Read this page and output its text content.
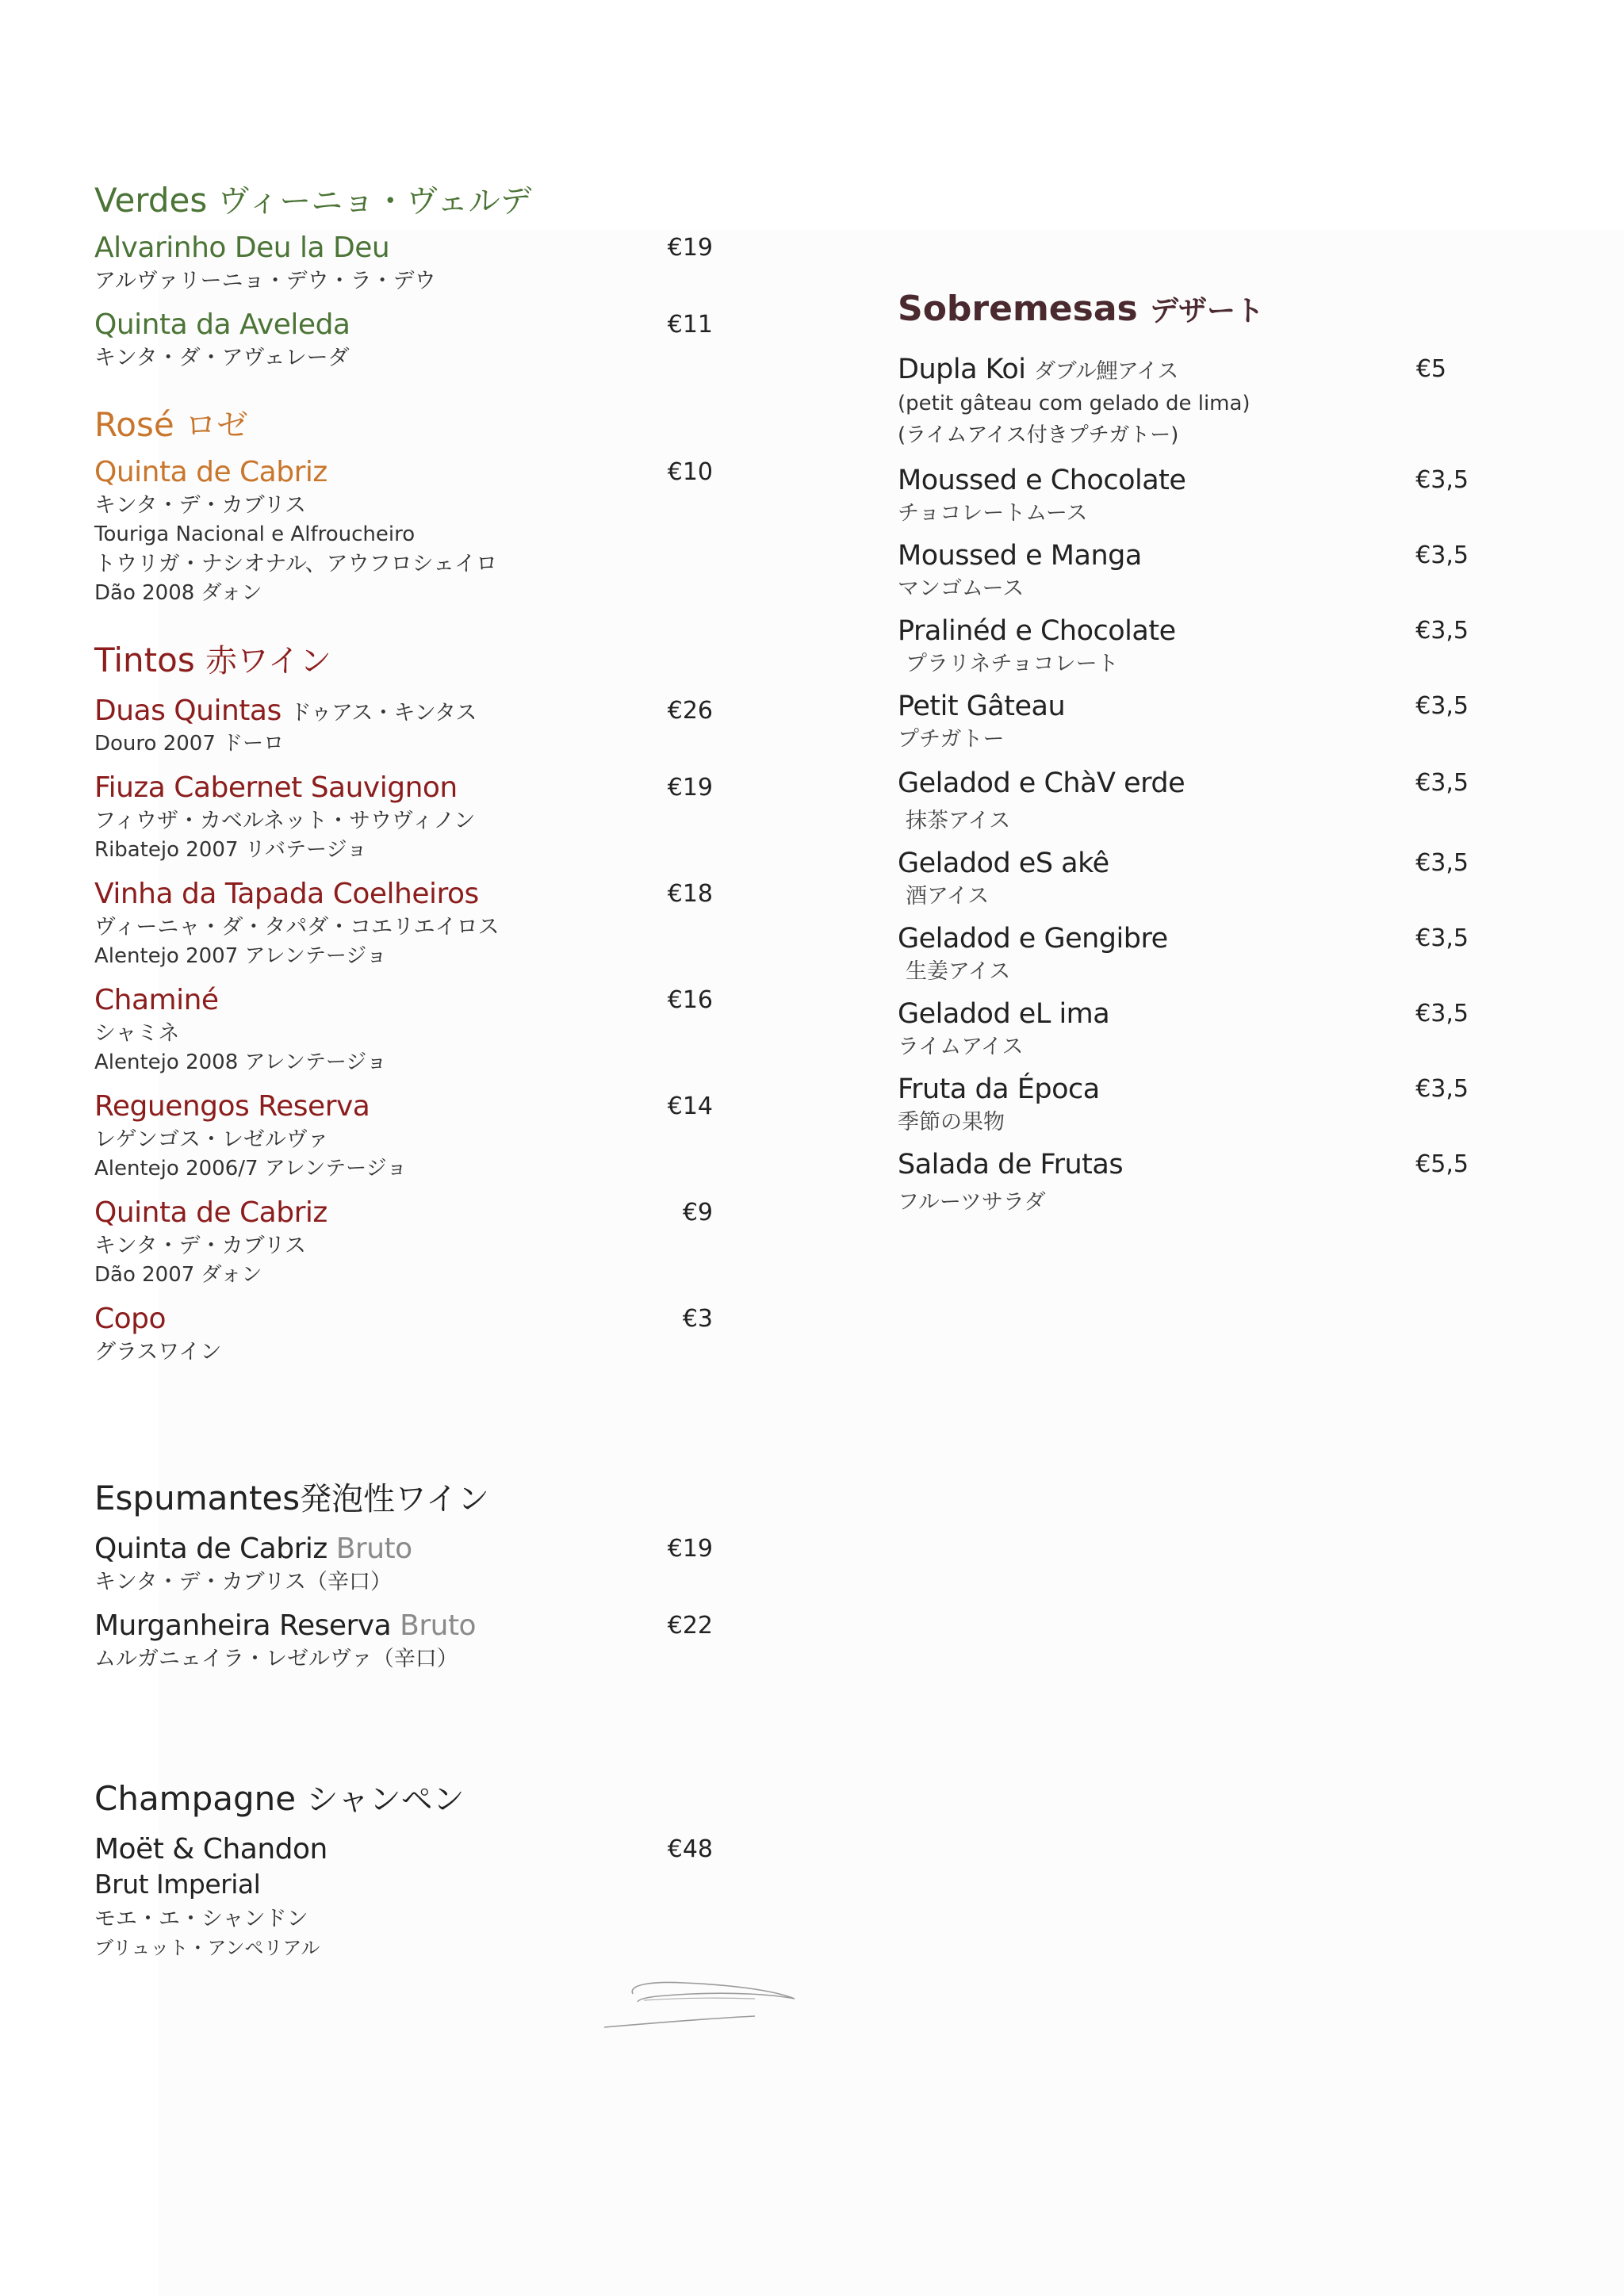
Verdes ヴィーニョ・ヴェルデ
Alvarinho Deu la Deu	€19
アルヴァリーニョ・デウ・ラ・デウ
Quinta da Aveleda	€11
キンタ・ダ・アヴェレーダ
Rosé ロゼ
Quinta de Cabriz	€10
キンタ・デ・カブリス
Touriga Nacional e Alfroucheiro
トウリガ・ナシオナル、アウフロシェイロ
Dão 2008 ダォン
Tintos 赤ワイン
Duas Quintas ドゥアス・キンタス	€26
Douro 2007 ドーロ
Fiuza Cabernet Sauvignon	€19
フィウザ・カベルネット・サウヴィノン
Ribatejo 2007 リバテージョ
Vinha da Tapada Coelheiros	€18
ヴィーニャ・ダ・タパダ・コエリエイロス
Alentejo 2007 アレンテージョ
Chaminé	€16
シャミネ
Alentejo 2008 アレンテージョ
Reguengos Reserva	€14
レゲンゴス・レゼルヴァ
Alentejo 2006/7 アレンテージョ
Quinta de Cabriz	€9
キンタ・デ・カブリス
Dão 2007 ダォン
Copo	€3
グラスワイン
Espumantes発泡性ワイン
Quinta de Cabriz Bruto	€19
キンタ・デ・カブリス（辛口）
Murganheira Reserva Bruto	€22
ムルガニェイラ・レゼルヴァ（辛口）
Champagne シャンペン
Moët & Chandon	€48
Brut Imperial
モエ・エ・シャンドン
ブリュット・アンペリアル
Sobremesas デザート
Dupla Koi ダブル鯉アイス	€5
(petit gâteau com gelado de lima)
(ライムアイス付きプチガトー)
Moussed e Chocolate	€3,5
チョコレートムース
Moussed e Manga	€3,5
マンゴムース
Pralinéd e Chocolate	€3,5
プラリネチョコレート
Petit Gâteau	€3,5
プチガトー
Geladod e ChàV erde	€3,5
抹茶アイス
Geladod eS akê	€3,5
酒アイス
Geladod e Gengibre	€3,5
生姜アイス
Geladod eL ima	€3,5
ライムアイス
Fruta da Época	€3,5
季節の果物
Salada de Frutas	€5,5
フルーツサラダ
